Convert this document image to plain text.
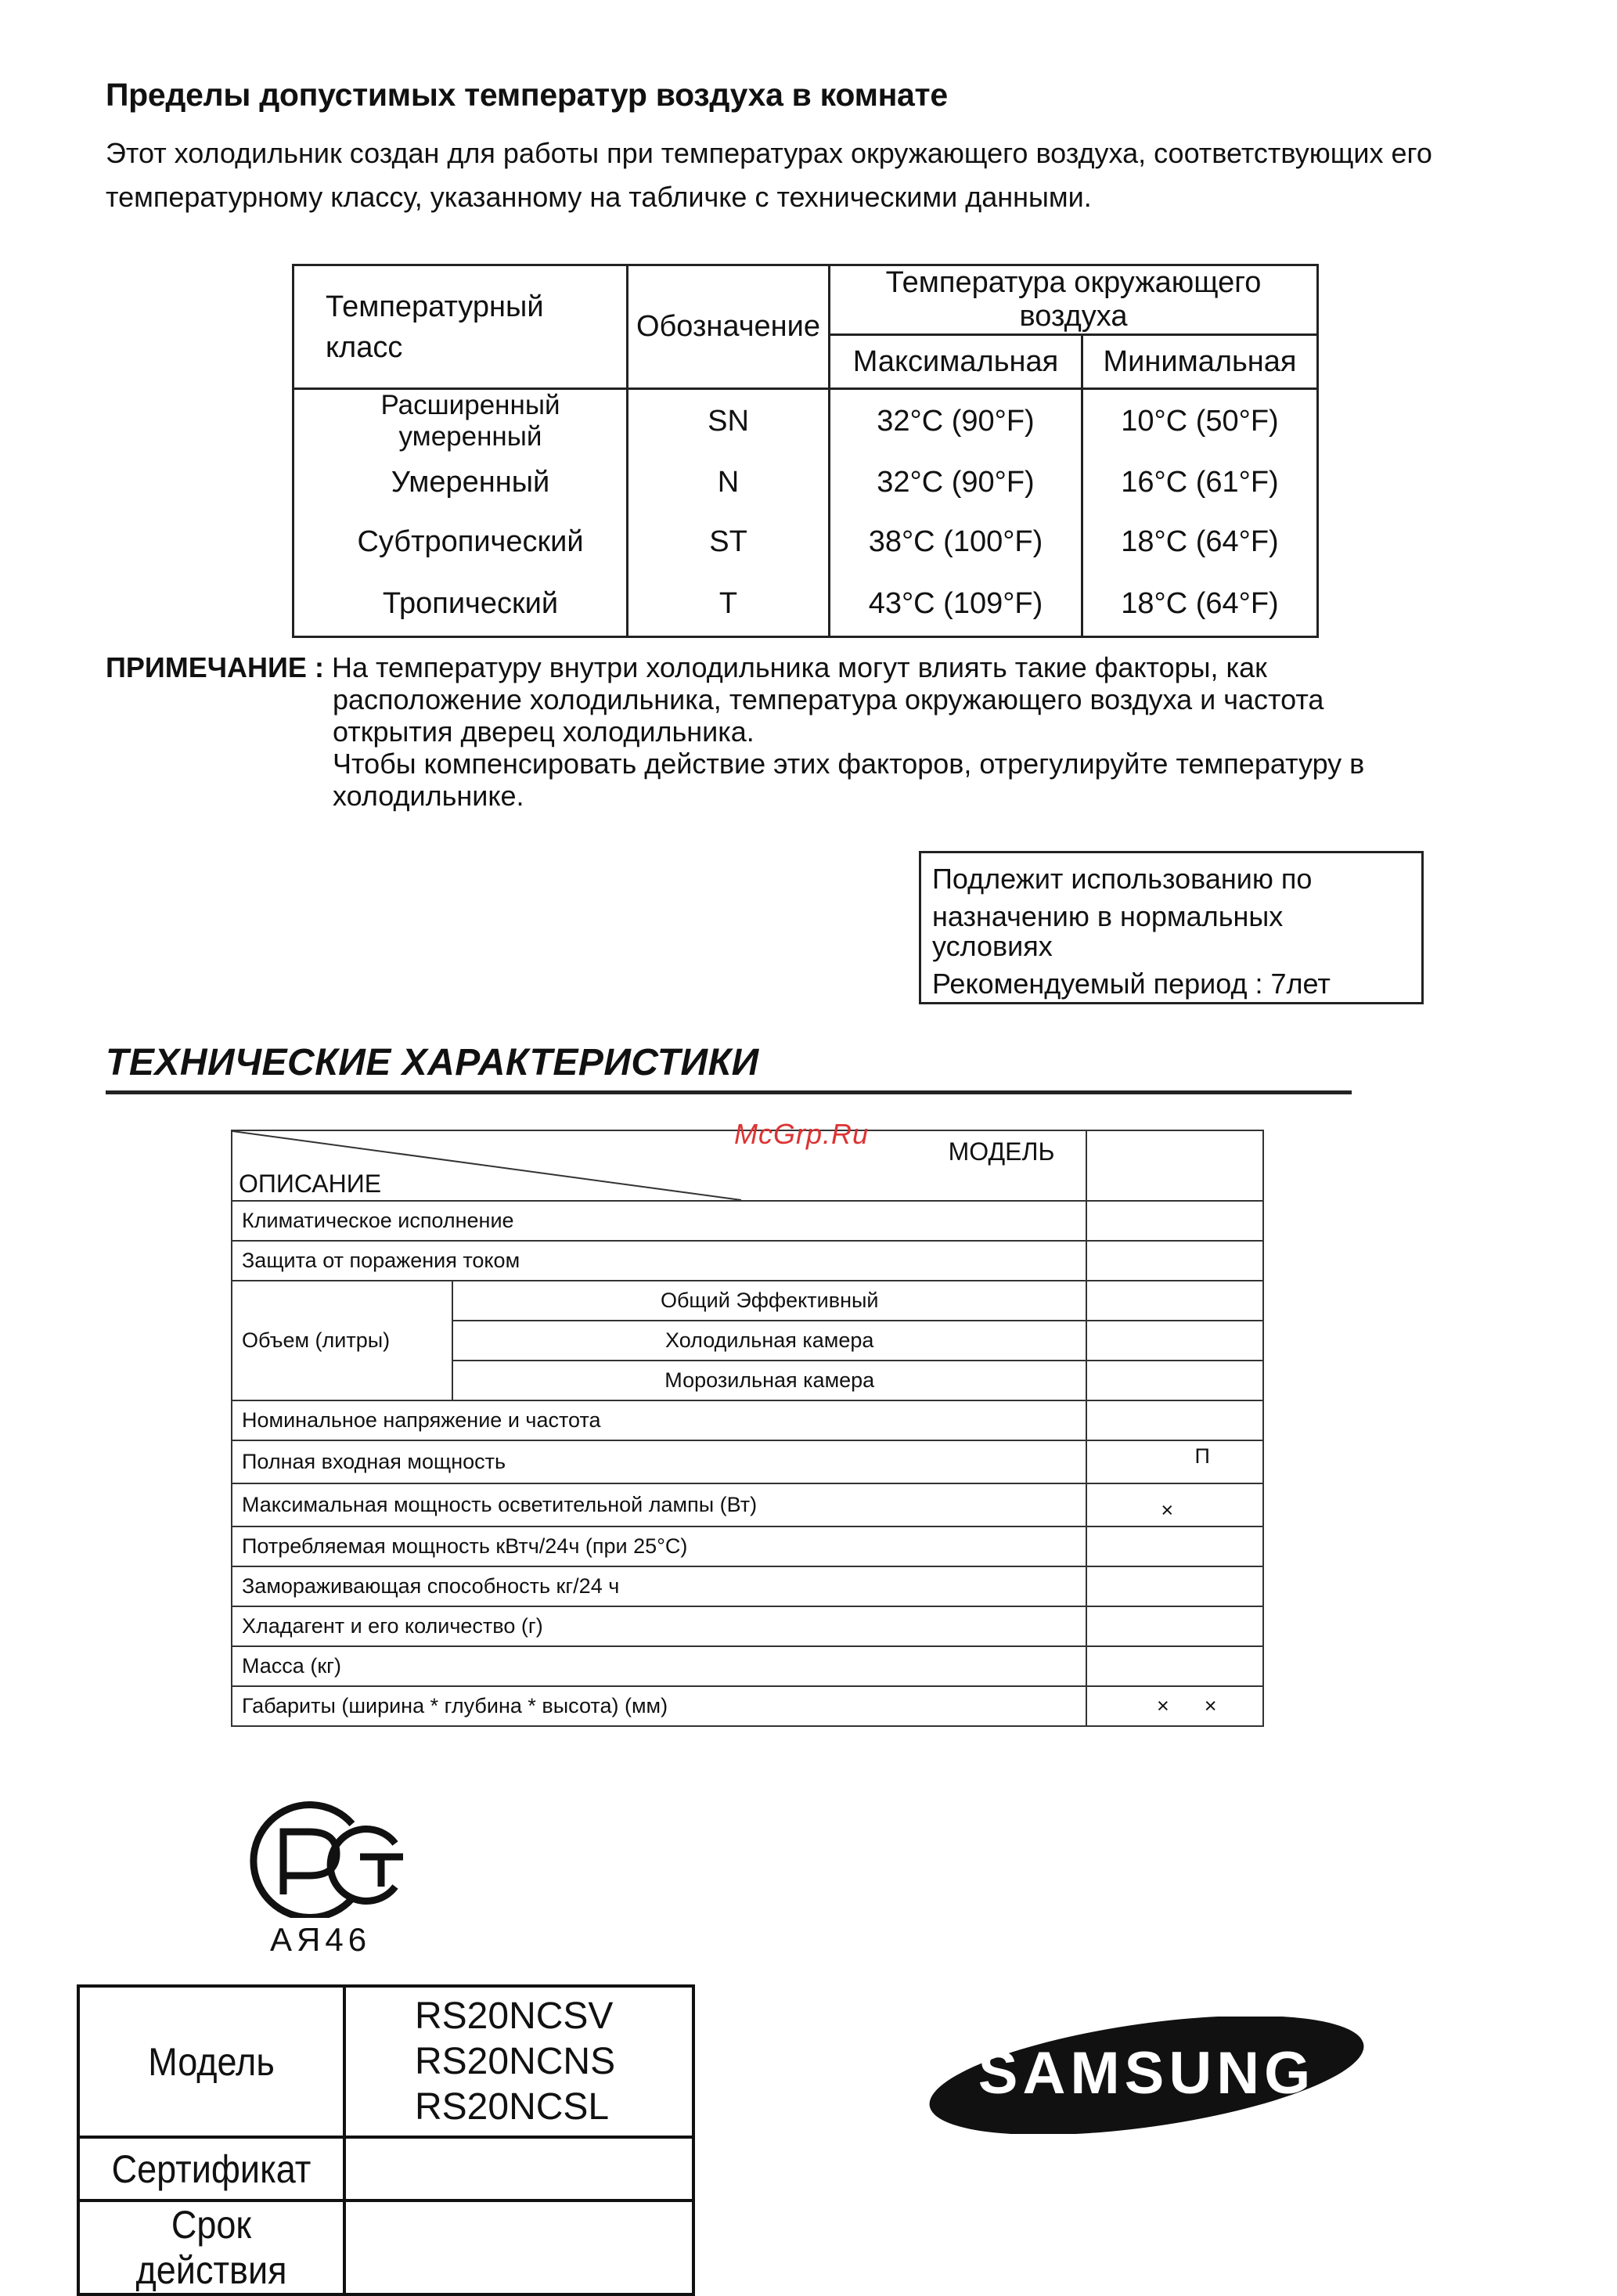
Пределы допустимых температур воздуха в комнате
Этот холодильник создан для работы при температурах окружающего воздуха, соответствующих его
температурному классу, указанному на табличке с техническими данными.
Температурный
класс	Обозначение	Температура окружающего воздуха	
		Максимальная	Минимальная
Расширенный умеренный	SN	32°C (90°F)	10°C (50°F)
Умеренный	N	32°C (90°F)	16°C (61°F)
Субтропический	ST	38°C (100°F)	18°C (64°F)
Тропический	T	43°C (109°F)	18°C (64°F)
ПРИМЕЧАНИЕ : На температуру внутри холодильника могут влиять такие факторы, как
расположение холодильника, температура окружающего воздуха и частота
открытия дверец холодильника.
Чтобы компенсировать действие этих факторов, отрегулируйте температуру в
холодильнике.
Подлежит использованию по
назначению в нормальных
условиях
Рекомендуемый период : 7лет
ТЕХНИЧЕСКИЕ ХАРАКТЕРИСТИКИ
МОДЕЛЬ
ОПИСАНИЕ		

Климатическое исполнение		
Защита от поражения током		
Объем (литры)	Общий Эффективный	
	Холодильная камера	
	Морозильная камера	
Номинальное напряжение и частота		
Полная входная мощность		П
Максимальная мощность осветительной лампы (Вт)		×
Потребляемая мощность кВтч/24ч (при 25°C)		
Замораживающая способность кг/24 ч		
Хладагент и его количество (г)		
Масса (кг)		
Габариты (ширина * глубина * высота) (мм)		×      ×
McGrp.Ru
АЯ46
Модель	RS20NCSV
RS20NCNS
RS20NCSL

Сертификат	
Срок действия	
SAMSUNG
